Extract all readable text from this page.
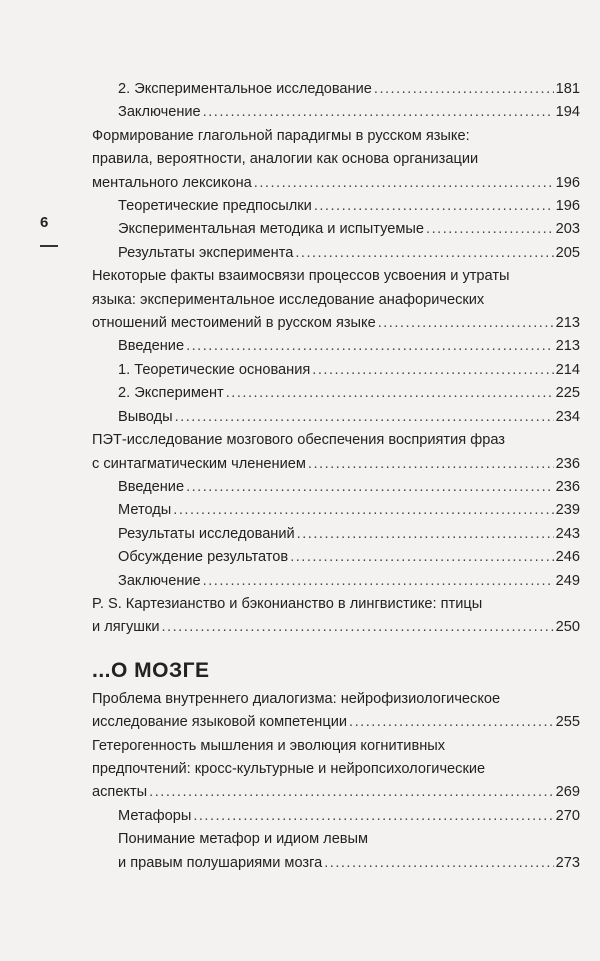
6
2. Экспериментальное исследование .....	181
Заключение .....	194
Формирование глагольной парадигмы в русском языке:
правила, вероятности, аналогии как основа организации
ментального лексикона .....	196
Теоретические предпосылки .....	196
Экспериментальная методика и испытуемые .....	203
Результаты эксперимента .....	205
Некоторые факты взаимосвязи процессов усвоения и утраты
языка: экспериментальное исследование анафорических
отношений местоимений в русском языке .....	213
Введение .....	213
1. Теоретические основания .....	214
2. Эксперимент .....	225
Выводы .....	234
ПЭТ-исследование мозгового обеспечения восприятия фраз
с синтагматическим членением .....	236
Введение .....	236
Методы .....	239
Результаты исследований .....	243
Обсуждение результатов .....	246
Заключение .....	249
P. S. Картезианство и бэконианство в лингвистике: птицы
и лягушки .....	250
...О МОЗГЕ
Проблема внутреннего диалогизма: нейрофизиологическое
исследование языковой компетенции .....	255
Гетерогенность мышления и эволюция когнитивных
предпочтений: кросс-культурные и нейропсихологические
аспекты .....	269
Метафоры .....	270
Понимание метафор и идиом левым
и правым полушариями мозга .....	273
